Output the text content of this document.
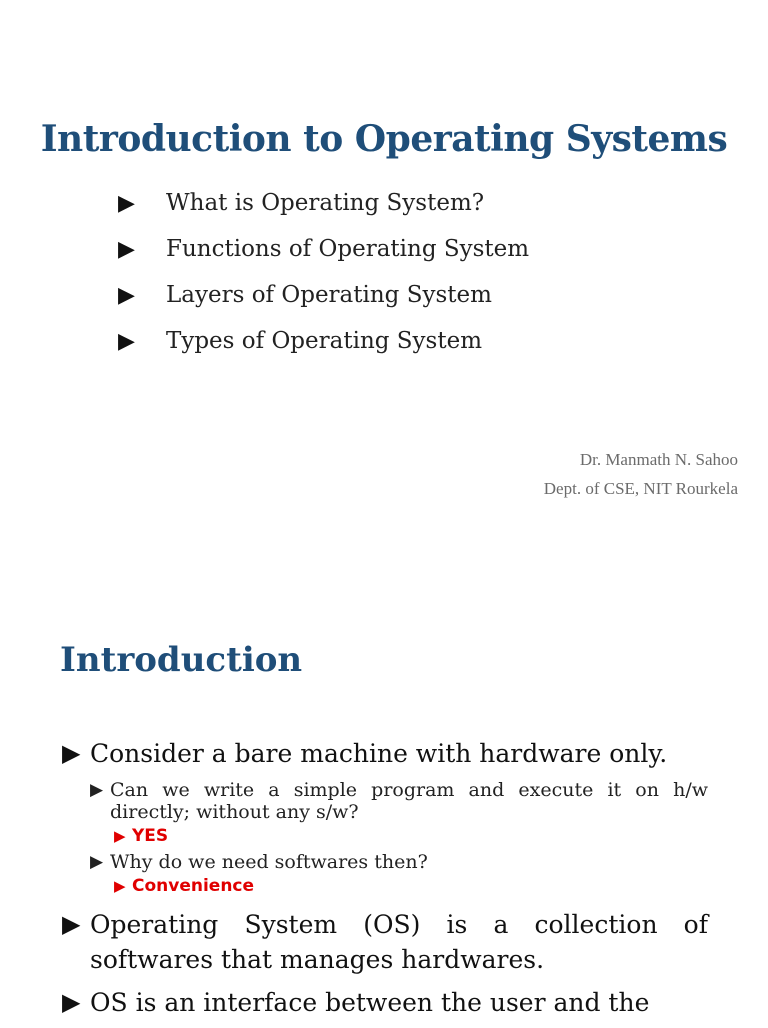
Introduction to Operating Systems
▶	What is Operating System?
▶	Functions of Operating System
▶	Layers of Operating System
▶	Types of Operating System
Dr. Manmath N. Sahoo
Dept. of CSE, NIT Rourkela
Introduction
▶ Consider a bare machine with hardware only.
▶ Can we write a simple program and execute it on h/w directly; without any s/w?
▶ YES
▶ Why do we need softwares then?
▶ Convenience
▶ Operating System (OS) is a collection of softwares that manages hardwares.
▶ OS is an interface between the user and the
